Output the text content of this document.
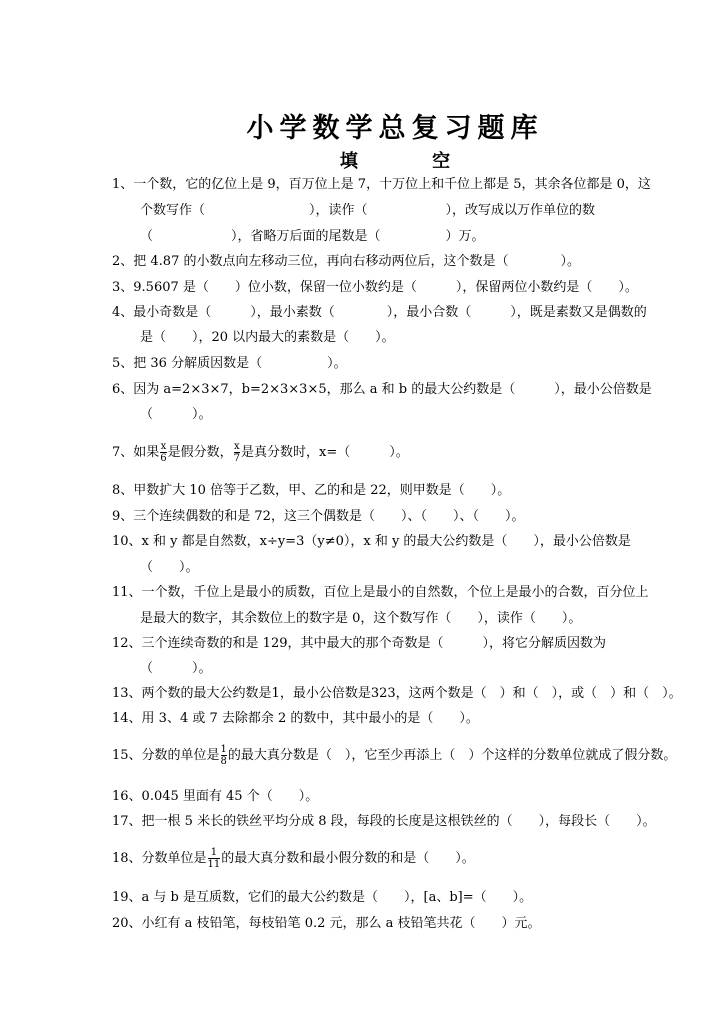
小学数学总复习题库
填 空
1、一个数，它的亿位上是 9，百万位上是 7，十万位上和千位上都是 5，其余各位都是 0，这
个数写作（　　　　　　　　），读作（　　　　　　），改写成以万作单位的数
（　　　　　　），省略万后面的尾数是（　　　　　）万。
2、把 4.87 的小数点向左移动三位，再向右移动两位后，这个数是（　　　　）。
3、9.5607 是（　　）位小数，保留一位小数约是（　　　），保留两位小数约是（　　）。
4、最小奇数是（　　　），最小素数（　　　　），最小合数（　　　），既是素数又是偶数的
是（　　），20 以内最大的素数是（　　）。
5、把 36 分解质因数是（　　　　　）。
6、因为 a=2×3×7，b=2×3×3×5，那么 a 和 b 的最大公约数是（　　　），最小公倍数是
（　　　）。
7、如果 $\frac{x}{6}$ 是假分数， $\frac{x}{7}$ 是真分数时，x=（　　　）。
8、甲数扩大 10 倍等于乙数，甲、乙的和是 22，则甲数是（　　）。
9、三个连续偶数的和是 72，这三个偶数是（　　）、（　　）、（　　）。
10、x 和 y 都是自然数，x÷y=3（y≠0），x 和 y 的最大公约数是（　　），最小公倍数是
（　　）。
11、一个数，千位上是最小的质数，百位上是最小的自然数，个位上是最小的合数，百分位上
是最大的数字，其余数位上的数字是 0，这个数写作（　　），读作（　　）。
12、三个连续奇数的和是 129，其中最大的那个奇数是（　　　），将它分解质因数为
（　　　）。
13、两个数的最大公约数是1，最小公倍数是323，这两个数是（　）和（　），或（　）和（　）。
14、用 3、4 或 7 去除都余 2 的数中，其中最小的是（　　）。
15、分数的单位是 $\frac{1}{8}$ 的最大真分数是（　），它至少再添上（　）个这样的分数单位就成了假分数。
16、0.045 里面有 45 个（　　）。
17、把一根 5 米长的铁丝平均分成 8 段，每段的长度是这根铁丝的（　　），每段长（　　）。
18、分数单位是 $\frac{1}{11}$ 的最大真分数和最小假分数的和是（　　）。
19、a 与 b 是互质数，它们的最大公约数是（　　），[a、b]=（　　）。
20、小红有 a 枝铅笔，每枝铅笔 0.2 元，那么 a 枝铅笔共花（　　）元。
